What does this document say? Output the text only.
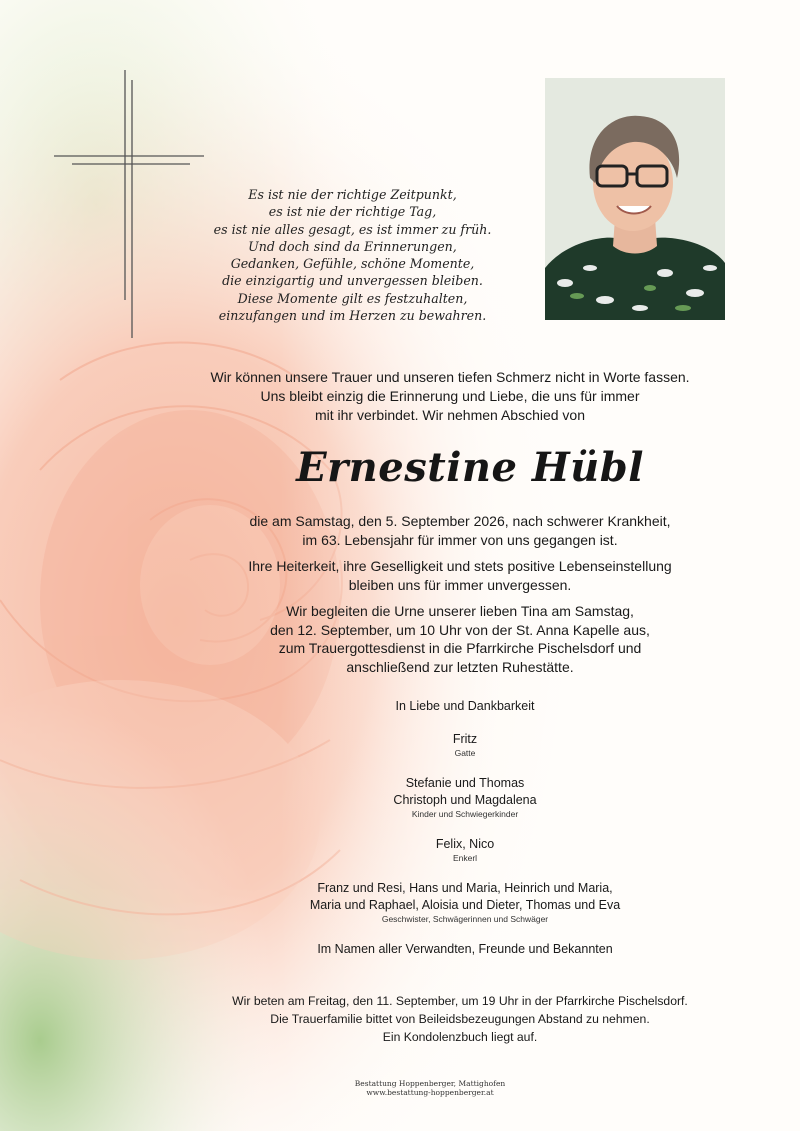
Es ist nie der richtige Zeitpunkt,
es ist nie der richtige Tag,
es ist nie alles gesagt, es ist immer zu früh.
Und doch sind da Erinnerungen,
Gedanken, Gefühle, schöne Momente,
die einzigartig und unvergessen bleiben.
Diese Momente gilt es festzuhalten,
einzufangen und im Herzen zu bewahren.
Wir können unsere Trauer und unseren tiefen Schmerz nicht in Worte fassen.
Uns bleibt einzig die Erinnerung und Liebe, die uns für immer
mit ihr verbindet. Wir nehmen Abschied von
Ernestine Hübl
die am Samstag, den 5. September 2026, nach schwerer Krankheit,
im 63. Lebensjahr für immer von uns gegangen ist.
Ihre Heiterkeit, ihre Geselligkeit und stets positive Lebenseinstellung
bleiben uns für immer unvergessen.
Wir begleiten die Urne unserer lieben Tina am Samstag,
den 12. September, um 10 Uhr von der St. Anna Kapelle aus,
zum Trauergottesdienst in die Pfarrkirche Pischelsdorf und
anschließend zur letzten Ruhestätte.
In Liebe und Dankbarkeit
Fritz
Gatte
Stefanie und Thomas
Christoph und Magdalena
Kinder und Schwiegerkinder
Felix, Nico
Enkerl
Franz und Resi, Hans und Maria, Heinrich und Maria,
Maria und Raphael, Aloisia und Dieter, Thomas und Eva
Geschwister, Schwägerinnen und Schwäger
Im Namen aller Verwandten, Freunde und Bekannten
Wir beten am Freitag, den 11. September, um 19 Uhr in der Pfarrkirche Pischelsdorf.
Die Trauerfamilie bittet von Beileidsbezeugungen Abstand zu nehmen.
Ein Kondolenzbuch liegt auf.
Bestattung Hoppenberger, Mattighofen
www.bestattung-hoppenberger.at
